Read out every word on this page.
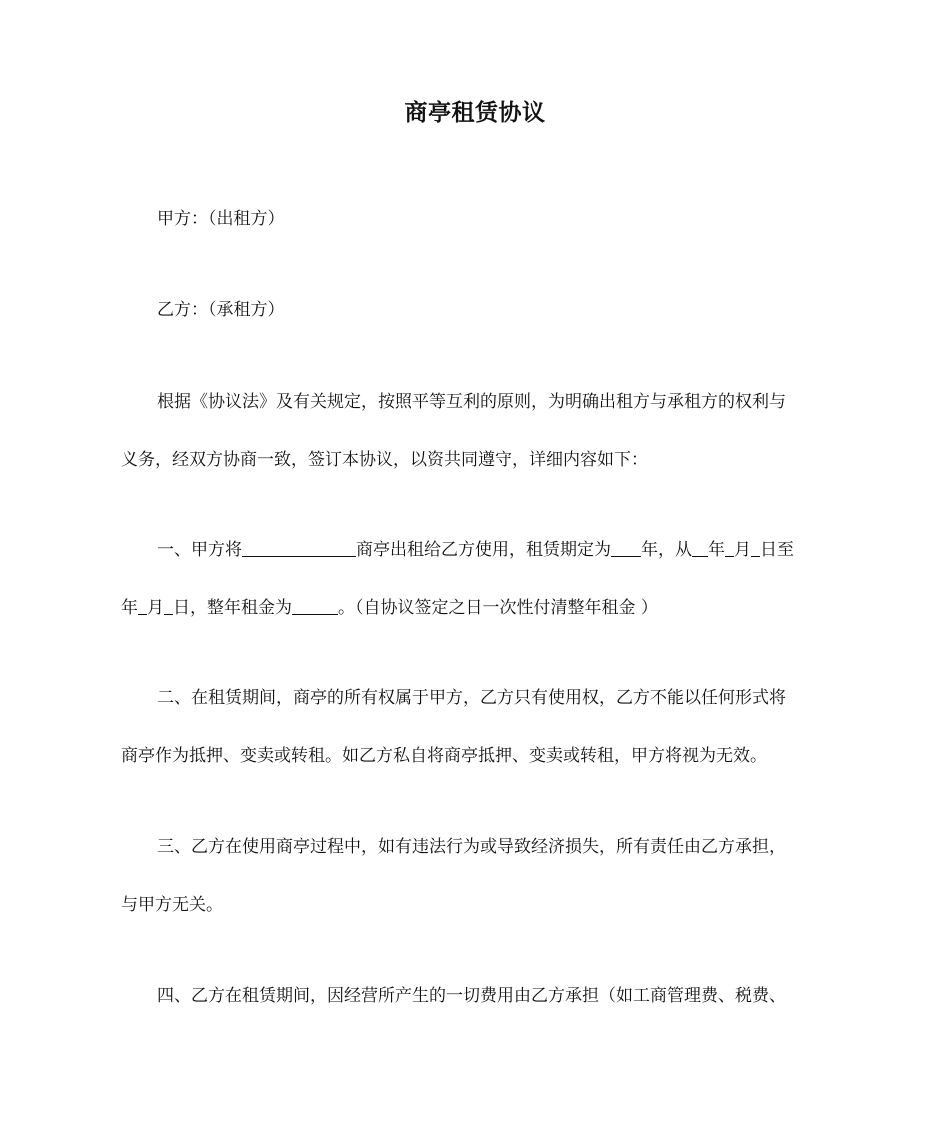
商亭租赁协议

甲方：（出租方）

乙方：（承租方）

根据《协议法》及有关规定，按照平等互利的原则，为明确出租方与承租方的权利与
义务，经双方协商一致，签订本协议，以资共同遵守，详细内容如下：

一、甲方将	商亭出租给乙方使用，租赁期定为 年，从 年 月 日至
年 月 日，整年租金为	。（自协议签定之日一次性付清整年租金 ）

二、在租赁期间，商亭的所有权属于甲方，乙方只有使用权，乙方不能以任何形式将
商亭作为抵押、变卖或转租。如乙方私自将商亭抵押、变卖或转租，甲方将视为无效。

三、乙方在使用商亭过程中，如有违法行为或导致经济损失，所有责任由乙方承担，
与甲方无关。

四、乙方在租赁期间，因经营所产生的一切费用由乙方承担（如工商管理费、税费、
